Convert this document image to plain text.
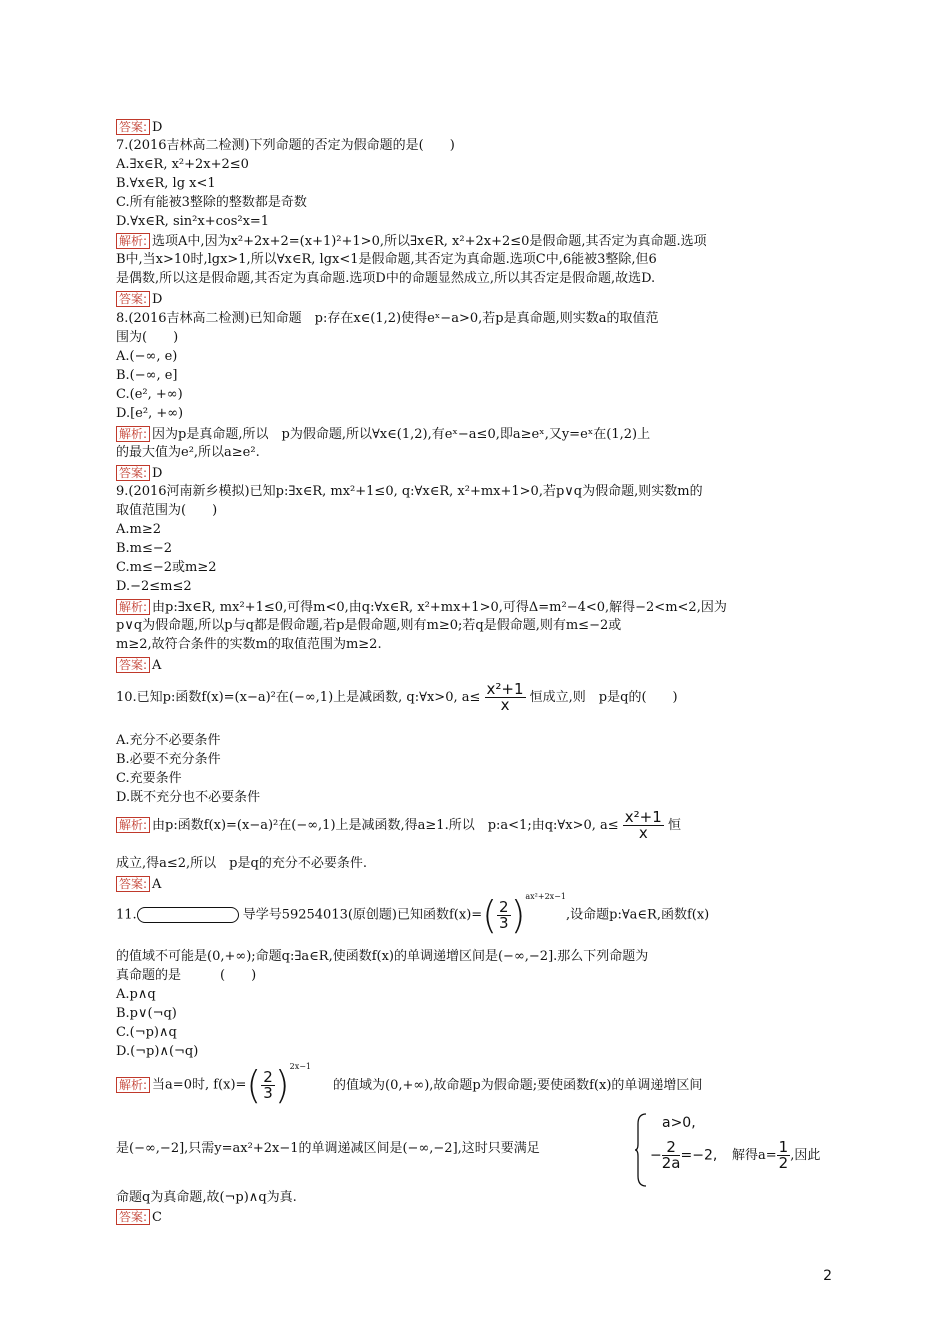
答案: D
7.(2016吉林高二检测)下列命题的否定为假命题的是(　　)
A.∃x∈R, x²+2x+2≤0
B.∀x∈R, lg x<1
C.所有能被3整除的整数都是奇数
D.∀x∈R, sin²x+cos²x=1
解析: 选项A中,因为x²+2x+2=(x+1)²+1>0,所以∃x∈R, x²+2x+2≤0是假命题,其否定为真命题.选项
B中,当x>10时,lgx>1,所以∀x∈R, lgx<1是假命题,其否定为真命题.选项C中,6能被3整除,但6
是偶数,所以这是假命题,其否定为真命题.选项D中的命题显然成立,所以其否定是假命题,故选D.
答案: D
8.(2016吉林高二检测)已知命题　p:存在x∈(1,2)使得eˣ−a>0,若p是真命题,则实数a的取值范
围为(　　)
A.(−∞, e)
B.(−∞, e]
C.(e², +∞)
D.[e², +∞)
解析: 因为p是真命题,所以　p为假命题,所以∀x∈(1,2),有eˣ−a≤0,即a≥eˣ,又y=eˣ在(1,2)上
的最大值为e²,所以a≥e².
答案: D
9.(2016河南新乡模拟)已知p:∃x∈R, mx²+1≤0, q:∀x∈R, x²+mx+1>0,若p∨q为假命题,则实数m的
取值范围为(　　)
A.m≥2
B.m≤−2
C.m≤−2或m≥2
D.−2≤m≤2
解析: 由p:∃x∈R, mx²+1≤0,可得m<0,由q:∀x∈R, x²+mx+1>0,可得Δ=m²−4<0,解得−2<m<2,因为
p∨q为假命题,所以p与q都是假命题,若p是假命题,则有m≥0;若q是假命题,则有m≤−2或
m≥2,故符合条件的实数m的取值范围为m≥2.
答案: A
10.已知p:函数f(x)=(x−a)²在(−∞,1)上是减函数, q:∀x>0, $a\le \frac{\text{x²+1}}{x}$ 恒成立,则　p是q的(　　)
A.充分不必要条件
B.必要不充分条件
C.充要条件
D.既不充分也不必要条件
解析: 由p:函数f(x)=(x−a)²在(−∞,1)上是减函数,得a≥1.所以　p:a<1;由q:∀x>0, $a\le \frac{\text{x²+1}}{x}$ 恒
成立,得a≤2,所以　p是q的充分不必要条件.
答案: A
11.	导学号59254013(原创题)已知函数$f(x)=( \frac{2}{3} )ax^2+2x-1$,设命题p:∀a∈R,函数f(x)
的值域不可能是(0,+∞);命题q:∃a∈R,使函数f(x)的单调递增区间是(−∞,−2].那么下列命题为
真命题的是　　　(　　)
A.p∧q
B.p∨(¬q)
C.(¬p)∧q
D.(¬p)∧(¬q)
解析: 当a=0时, $f(x)=( \frac{2}{3} )2x-1$的值域为(0,+∞),故命题p为假命题;要使函数f(x)的单调递增区间
是(−∞,−2],只需y=ax²+2x−1的单调递减区间是(−∞,−2],这时只要满足
a>0,
− $\frac{2}{2a} =-2$, 解得$a= \frac{1}{2}$ ,因此
命题q为真命题,故(¬p)∧q为真.
答案: C
2
